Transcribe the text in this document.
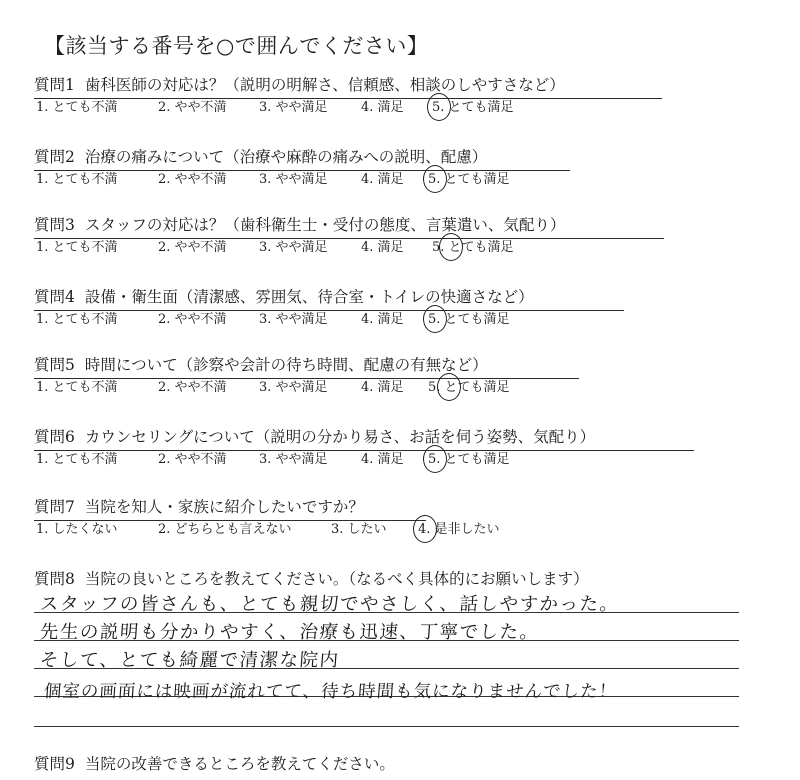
【該当する番号を○で囲んでください】
質問1 歯科医師の対応は？（説明の明解さ、信頼感、相談のしやすさなど）
1. とても不満	2. やや不満 3. やや満足	4. 満足 5. とても満足
質問2 治療の痛みについて（治療や麻酔の痛みへの説明、配慮）
1. とても不満	2. やや不満 3. やや満足	4. 満足 5. とても満足
質問3 スタッフの対応は？（歯科衛生士・受付の態度、言葉遣い、気配り）
1. とても不満	2. やや不満 3. やや満足	4. 満足 5. とても満足
質問4 設備・衛生面（清潔感、雰囲気、待合室・トイレの快適さなど）
1. とても不満	2. やや不満 3. やや満足	4. 満足 5. とても満足
質問5 時間について（診察や会計の待ち時間、配慮の有無など）
1. とても不満	2. やや不満 3. やや満足	4. 満足 5. とても満足
質問6 カウンセリングについて（説明の分かり易さ、お話を伺う姿勢、気配り）
1. とても不満	2. やや不満 3. やや満足	4. 満足 5. とても満足
質問7 当院を知人・家族に紹介したいですか？
1. したくない	2. どちらとも言えない	3. したい 4. 是非したい
質問8 当院の良いところを教えてください。（なるべく具体的にお願いします）
スタッフの皆さんも、とても親切でやさしく、話しやすかった。
先生の説明も分かりやすく、治療も迅速、丁寧でした。
そして、とても綺麗で清潔な院内
個室の画面には映画が流れてて、待ち時間も気になりませんでした！
質問9 当院の改善できるところを教えてください。
